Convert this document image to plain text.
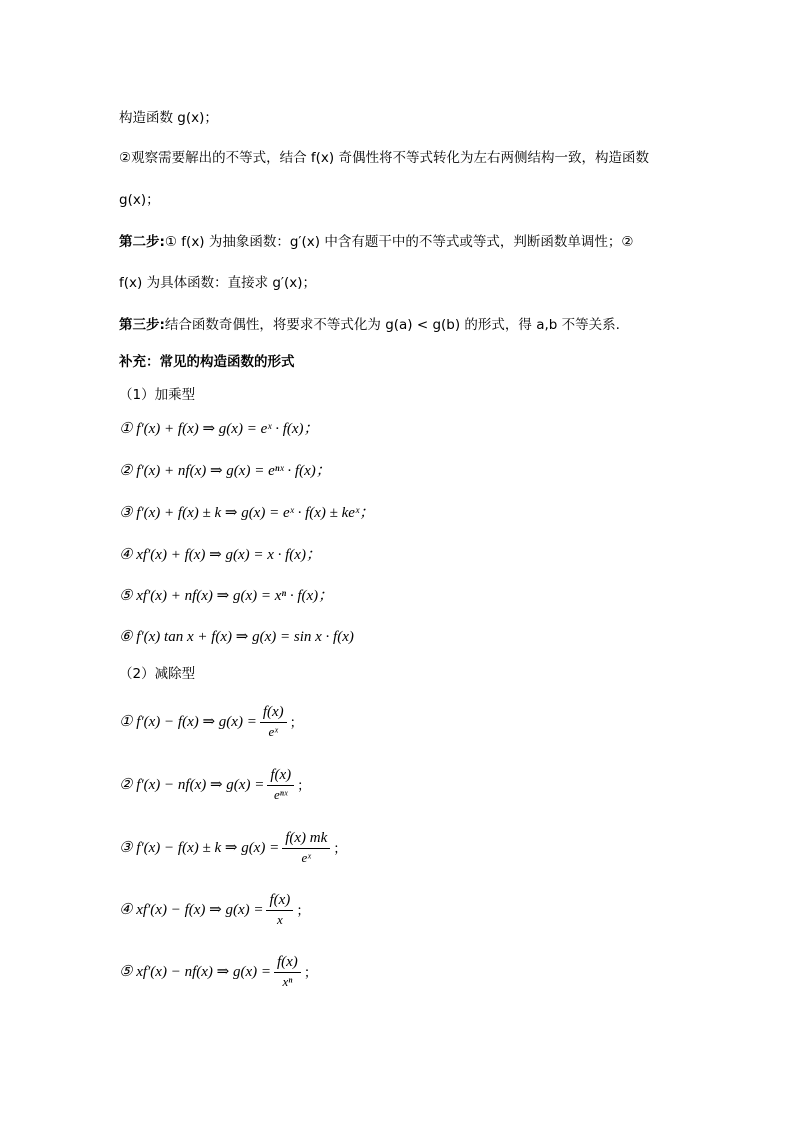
构造函数 g(x)；
②观察需要解出的不等式，结合 f(x) 奇偶性将不等式转化为左右两侧结构一致，构造函数
g(x)；
第二步:① f(x) 为抽象函数：g′(x) 中含有题干中的不等式或等式，判断函数单调性；②
f(x) 为具体函数：直接求 g′(x)；
第三步:结合函数奇偶性，将要求不等式化为 g(a) < g(b) 的形式，得 a,b 不等关系.
补充：常见的构造函数的形式
（1）加乘型
① f′(x) + f(x) ⇒ g(x) = eˣ · f(x)；
② f′(x) + nf(x) ⇒ g(x) = eⁿˣ · f(x)；
③ f′(x) + f(x) ± k ⇒ g(x) = eˣ · f(x) ± keˣ；
④ xf′(x) + f(x) ⇒ g(x) = x · f(x)；
⑤ xf′(x) + nf(x) ⇒ g(x) = xⁿ · f(x)；
⑥ f′(x) tan x + f(x) ⇒ g(x) = sin x · f(x)
（2）减除型
① f′(x) − f(x) ⇒ $g(x) = \frac{f(x)}{\text{eˣ}}$ ；
② f′(x) − nf(x) ⇒ $g(x) = \frac{f(x)}{\text{eⁿˣ}}$ ；
③ f′(x) − f(x) ± k ⇒ $g(x) = \frac{f(x) mk}{\text{eˣ}}$ ；
④ xf′(x) − f(x) ⇒ $g(x) = \frac{f(x)}{x}$ ；
⑤ xf′(x) − nf(x) ⇒ $g(x) = \frac{f(x)}{\text{xⁿ}}$ ；
